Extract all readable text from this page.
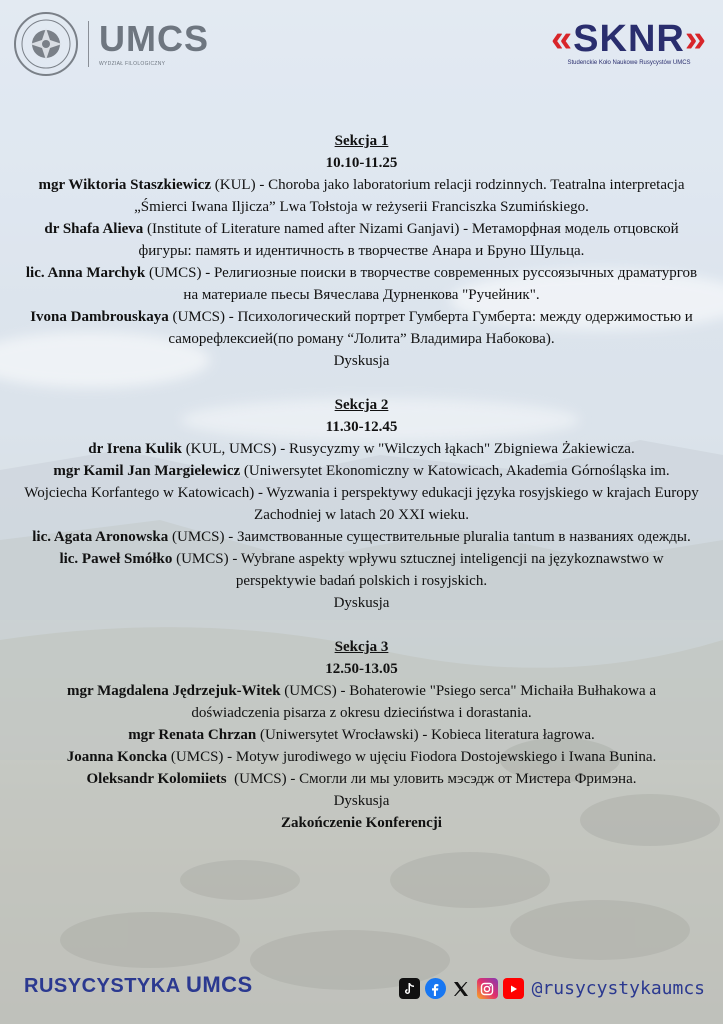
UMCS
WYDZIAŁ FILOLOGICZNY
«SKNR»
Studenckie Koło Naukowe Rusycystów UMCS
Sekcja 1
10.10-11.25

mgr Wiktoria Staszkiewicz (KUL) - Choroba jako laboratorium relacji rodzinnych. Teatralna interpretacja „Śmierci Iwana Iljicza” Lwa Tołstoja w reżyserii Franciszka Szumińskiego.

dr Shafa Alieva (Institute of Literature named after Nizami Ganjavi) - Метаморфная модель отцовской фигуры: память и идентичность в творчестве Анара и Бруно Шульца.

lic. Anna Marchyk (UMCS) - Религиозные поиски в творчестве современных руссоязычных драматургов на материале пьесы Вячеслава Дурненкова "Ручейник".

Ivona Dambrouskaya (UMCS) - Психологический портрет Гумберта Гумберта: между одержимостью и саморефлексией(по роману “Лолита” Владимира Набокова).

Dyskusja
Sekcja 2
11.30-12.45

dr Irena Kulik (KUL, UMCS) - Rusycyzmy w "Wilczych łąkach" Zbigniewa Żakiewicza.

mgr Kamil Jan Margielewicz (Uniwersytet Ekonomiczny w Katowicach, Akademia Górnośląska im. Wojciecha Korfantego w Katowicach) - Wyzwania i perspektywy edukacji języka rosyjskiego w krajach Europy Zachodniej w latach 20 XXI wieku.

lic. Agata Aronowska (UMCS) - Заимствованные существительные pluralia tantum в названиях одежды.

lic. Paweł Smółko (UMCS) - Wybrane aspekty wpływu sztucznej inteligencji na językoznawstwo w perspektywie badań polskich i rosyjskich.

Dyskusja
Sekcja 3
12.50-13.05

mgr Magdalena Jędrzejuk-Witek (UMCS) - Bohaterowie "Psiego serca" Michaiła Bułhakowa a doświadczenia pisarza z okresu dzieciństwa i dorastania.

mgr Renata Chrzan (Uniwersytet Wrocławski) - Kobieca literatura łagrowa.

Joanna Koncka (UMCS) - Motyw jurodiwego w ujęciu Fiodora Dostojewskiego i Iwana Bunina.

Oleksandr Kolomiiets  (UMCS) - Смогли ли мы уловить мэсэдж от Мистера Фримэна.

Dyskusja
Zakończenie Konferencji
RUSYCYSTYKA UMCS	@rusycystykaumcs
